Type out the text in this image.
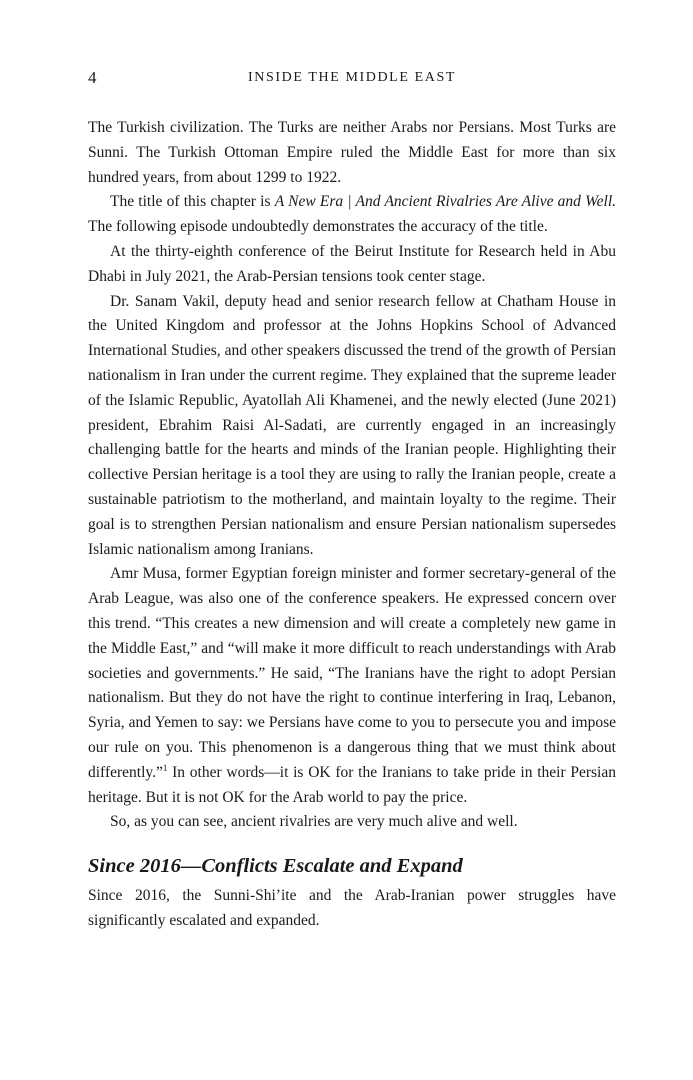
4	INSIDE THE MIDDLE EAST

The Turkish civilization. The Turks are neither Arabs nor Persians. Most Turks are Sunni. The Turkish Ottoman Empire ruled the Middle East for more than six hundred years, from about 1299 to 1922.

The title of this chapter is A New Era | And Ancient Rivalries Are Alive and Well. The following episode undoubtedly demonstrates the accuracy of the title.

At the thirty-eighth conference of the Beirut Institute for Research held in Abu Dhabi in July 2021, the Arab-Persian tensions took center stage.

Dr. Sanam Vakil, deputy head and senior research fellow at Chatham House in the United Kingdom and professor at the Johns Hopkins School of Advanced International Studies, and other speakers discussed the trend of the growth of Persian nationalism in Iran under the current regime. They explained that the supreme leader of the Islamic Republic, Ayatollah Ali Khamenei, and the newly elected (June 2021) president, Ebrahim Raisi Al-Sadati, are currently engaged in an increasingly challenging battle for the hearts and minds of the Iranian people. Highlighting their collective Persian heritage is a tool they are using to rally the Iranian people, create a sustainable patriotism to the motherland, and maintain loyalty to the regime. Their goal is to strengthen Persian nationalism and ensure Persian nationalism supersedes Islamic nationalism among Iranians.

Amr Musa, former Egyptian foreign minister and former secretary-general of the Arab League, was also one of the conference speakers. He expressed concern over this trend. “This creates a new dimension and will create a completely new game in the Middle East,” and “will make it more difficult to reach understandings with Arab societies and governments.” He said, “The Iranians have the right to adopt Persian nationalism. But they do not have the right to continue interfering in Iraq, Lebanon, Syria, and Yemen to say: we Persians have come to you to persecute you and impose our rule on you. This phenomenon is a dangerous thing that we must think about differently.”$^1$ In other words—it is OK for the Iranians to take pride in their Persian heritage. But it is not OK for the Arab world to pay the price.

So, as you can see, ancient rivalries are very much alive and well.

Since 2016—Conflicts Escalate and Expand

Since 2016, the Sunni-Shi’ite and the Arab-Iranian power struggles have significantly escalated and expanded.
